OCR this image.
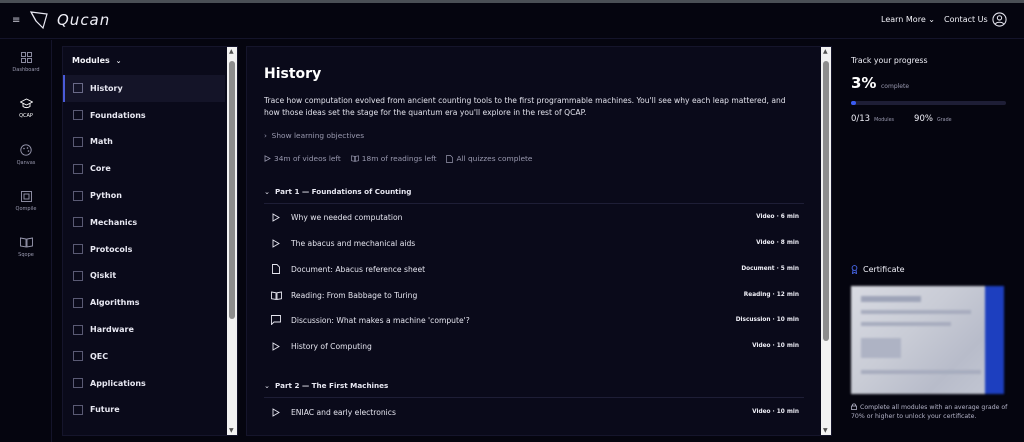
≡ Qucan	Learn More ⌄ Contact Us
Dashboard
QCAP
Qanvas
Qompile
Sqope
Modules ⌄
History
Foundations
Math
Core
Python
Mechanics
Protocols
Qiskit
Algorithms
Hardware
QEC
Applications
Future
▲
▼
History
Trace how computation evolved from ancient counting tools to the first programmable machines. You'll see why each leap mattered, and how those ideas set the stage for the quantum era you'll explore in the rest of QCAP.
› Show learning objectives
34m of videos left	18m of readings left	All quizzes complete
⌄ Part 1 — Foundations of Counting
Why we needed computation	Video · 6 min
The abacus and mechanical aids	Video · 8 min
Document: Abacus reference sheet	Document · 5 min
Reading: From Babbage to Turing	Reading · 12 min
Discussion: What makes a machine 'compute'?	Discussion · 10 min
History of Computing	Video · 10 min
⌄ Part 2 — The First Machines
ENIAC and early electronics	Video · 10 min
▲
▼
Track your progress
3% complete
0/13 Modules 90% Grade
Certificate
Complete all modules with an average grade of 70% or higher to unlock your certificate.
